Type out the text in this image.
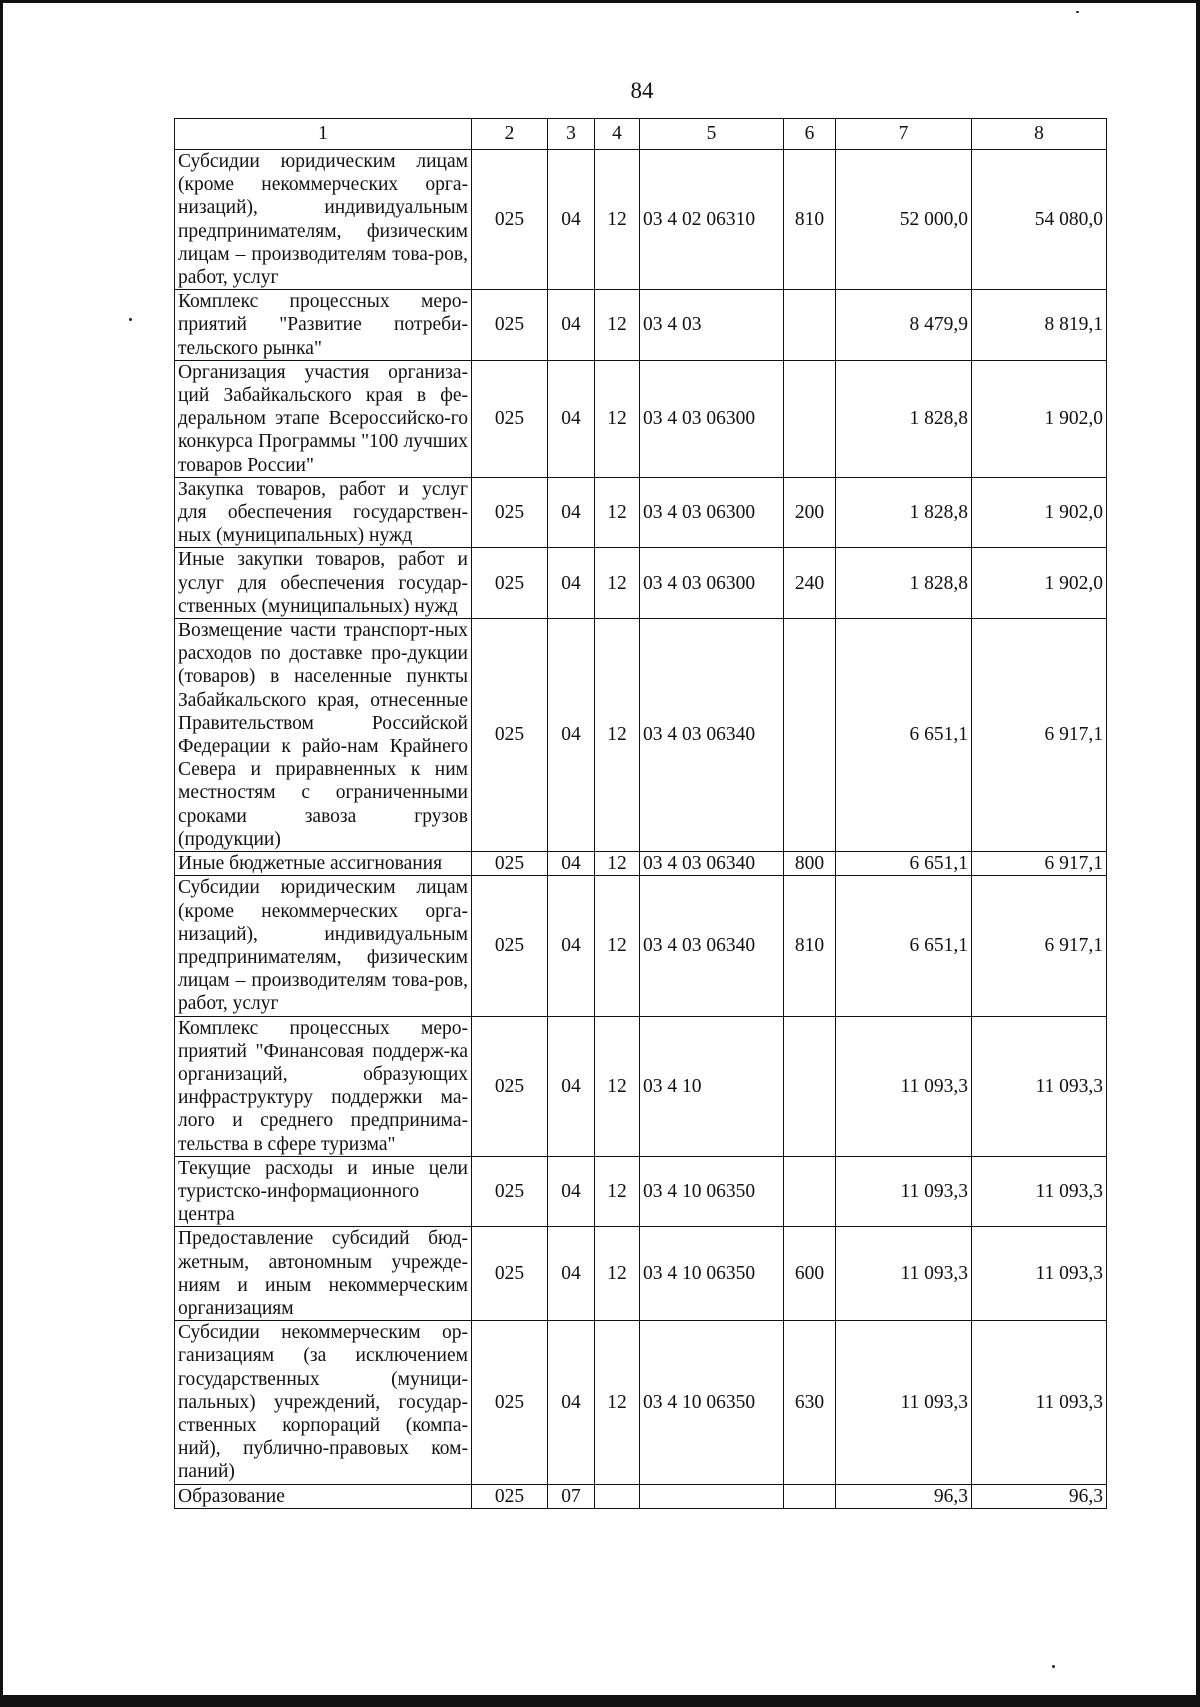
84
1	2	3	4	5	6	7	8
Субсидии юридическим лицам (кроме некоммерческих орга-низаций), индивидуальным предпринимателям, физическим лицам – производителям това-ров, работ, услуг	025	04	12	03 4 02 06310	810	52 000,0	54 080,0
Комплекс процессных меро-приятий "Развитие потреби-тельского рынка"	025	04	12	03 4 03		8 479,9	8 819,1
Организация участия организа-ций Забайкальского края в фе-деральном этапе Всероссийско-го конкурса Программы "100 лучших товаров России"	025	04	12	03 4 03 06300		1 828,8	1 902,0
Закупка товаров, работ и услуг для обеспечения государствен-ных (муниципальных) нужд	025	04	12	03 4 03 06300	200	1 828,8	1 902,0
Иные закупки товаров, работ и услуг для обеспечения государ-ственных (муниципальных) нужд	025	04	12	03 4 03 06300	240	1 828,8	1 902,0
Возмещение части транспорт-ных расходов по доставке про-дукции (товаров) в населенные пункты Забайкальского края, отнесенные Правительством Российской Федерации к райо-нам Крайнего Севера и приравненных к ним местностям с ограниченными сроками завоза грузов (продукции)	025	04	12	03 4 03 06340		6 651,1	6 917,1
Иные бюджетные ассигнования	025	04	12	03 4 03 06340	800	6 651,1	6 917,1
Субсидии юридическим лицам (кроме некоммерческих орга-низаций), индивидуальным предпринимателям, физическим лицам – производителям това-ров, работ, услуг	025	04	12	03 4 03 06340	810	6 651,1	6 917,1
Комплекс процессных меро-приятий "Финансовая поддерж-ка организаций, образующих инфраструктуру поддержки ма-лого и среднего предпринима-тельства в сфере туризма"	025	04	12	03 4 10		11 093,3	11 093,3
Текущие расходы и иные цели туристско-информационного центра	025	04	12	03 4 10 06350		11 093,3	11 093,3
Предоставление субсидий бюд-жетным, автономным учрежде-ниям и иным некоммерческим организациям	025	04	12	03 4 10 06350	600	11 093,3	11 093,3
Субсидии некоммерческим ор-ганизациям (за исключением государственных (муници-пальных) учреждений, государ-ственных корпораций (компа-ний), публично-правовых ком-паний)	025	04	12	03 4 10 06350	630	11 093,3	11 093,3
Образование	025	07				96,3	96,3
